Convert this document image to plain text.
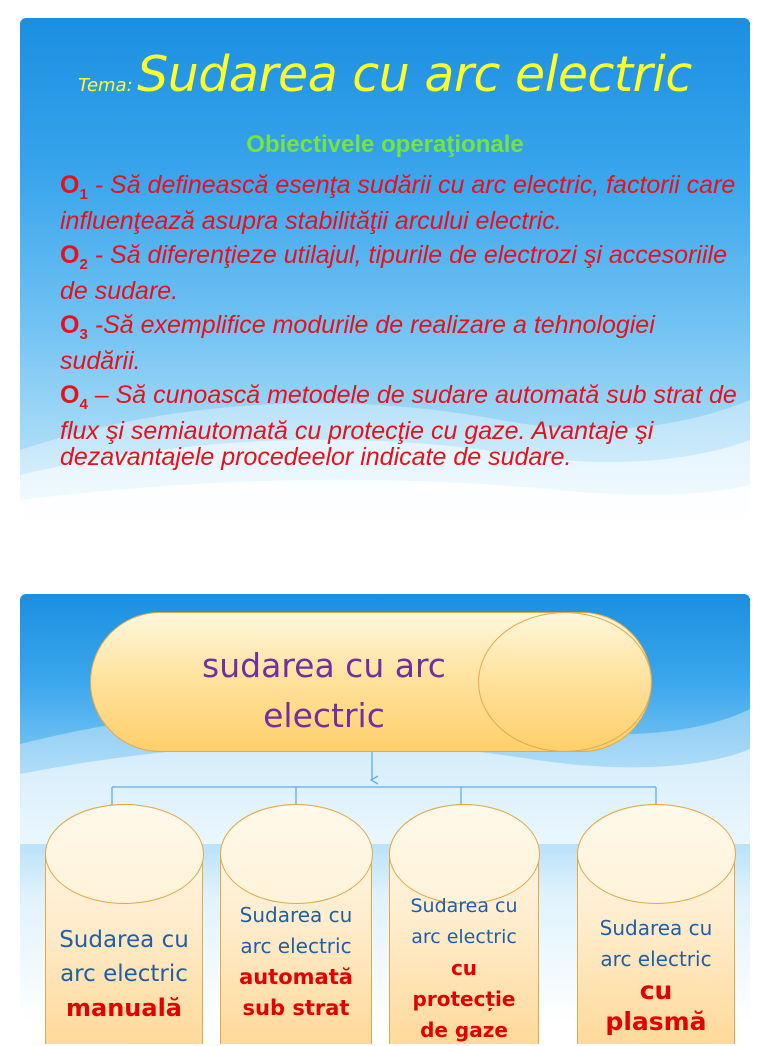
Tema: Sudarea cu arc electric
Obiectivele operaţionale

$O_1$ - Să definească esenţa sudării cu arc electric, factorii care influenţează asupra stabilităţii arcului electric.

$O_2$ - Să diferenţieze utilajul, tipurile de electrozi şi accesoriile de sudare.

$O_3$ -Să exemplifice modurile de realizare a tehnologiei sudării.

$O_4$ – Să cunoască metodele de sudare automată sub strat de flux şi semiautomată cu protecţie cu gaze. Avantaje şi dezavantajele procedeelor indicate de sudare.

sudarea cu arc
electric
Sudarea cu
arc electric
manuală
Sudarea cu
arc electric
automată
sub strat
Sudarea cu
arc electric
cu
protecție
de gaze
Sudarea cu
arc electric
cu
plasmă
